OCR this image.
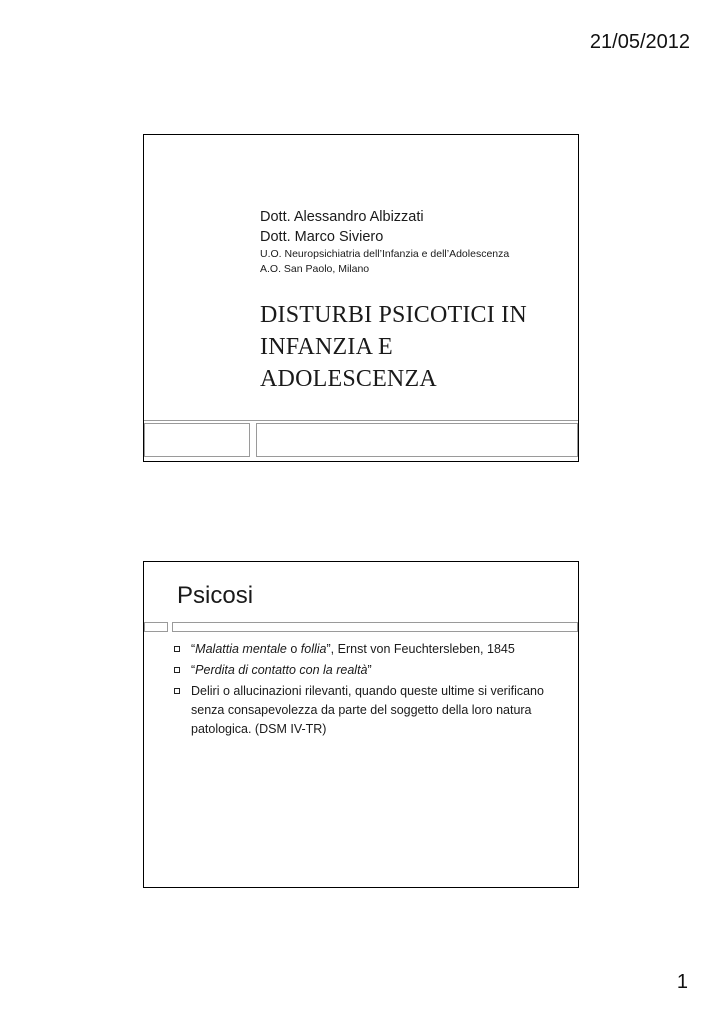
21/05/2012
Dott. Alessandro Albizzati
Dott. Marco Siviero
U.O. Neuropsichiatria dell’Infanzia e dell’Adolescenza
A.O. San Paolo, Milano
DISTURBI PSICOTICI IN
INFANZIA E
ADOLESCENZA
Psicosi
“Malattia mentale o follia”, Ernst von Feuchtersleben, 1845
“Perdita di contatto con la realtà”
Deliri o allucinazioni rilevanti, quando queste ultime si verificano senza consapevolezza da parte del soggetto della loro natura patologica. (DSM IV-TR)
1
